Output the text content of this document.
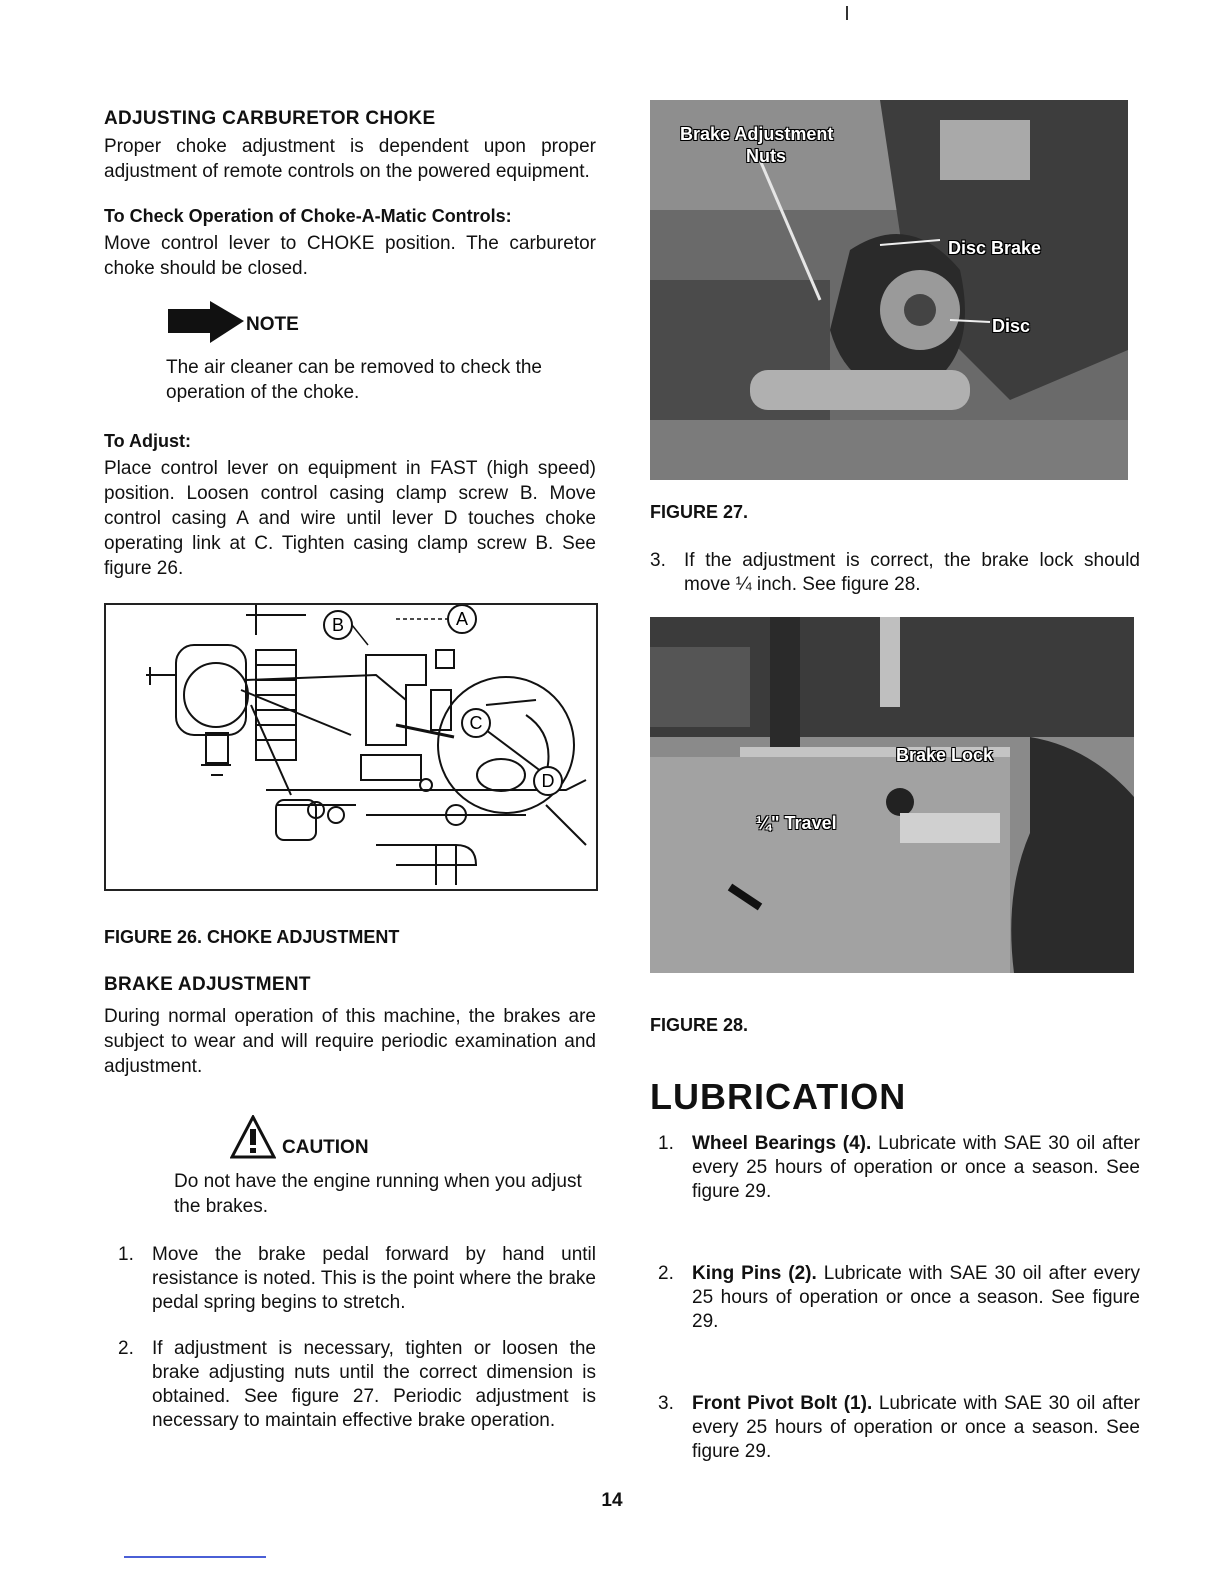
ADJUSTING CARBURETOR CHOKE

Proper choke adjustment is dependent upon proper adjustment of remote controls on the powered equipment.

To Check Operation of Choke-A-Matic Controls:

Move control lever to CHOKE position. The carburetor choke should be closed.

NOTE
The air cleaner can be removed to check the operation of the choke.

To Adjust:

Place control lever on equipment in FAST (high speed) position. Loosen control casing clamp screw B. Move control casing A and wire until lever D touches choke operating link at C. Tighten casing clamp screw B. See figure 26.

B	A
C
D

FIGURE 26. CHOKE ADJUSTMENT

BRAKE ADJUSTMENT

During normal operation of this machine, the brakes are subject to wear and will require periodic examination and adjustment.

CAUTION
Do not have the engine running when you adjust the brakes.
1. Move the brake pedal forward by hand until resistance is noted. This is the point where the brake pedal spring begins to stretch.
2. If adjustment is necessary, tighten or loosen the brake adjusting nuts until the correct dimension is obtained. See figure 27. Periodic adjustment is necessary to maintain effective brake operation.
Brake Adjustment
Nuts
Disc Brake
Disc

FIGURE 27.

3. If the adjustment is correct, the brake lock should move ¼ inch. See figure 28.
Brake Lock
¼" Travel

FIGURE 28.

LUBRICATION
1. Wheel Bearings (4). Lubricate with SAE 30 oil after every 25 hours of operation or once a season. See figure 29.
2. King Pins (2). Lubricate with SAE 30 oil after every 25 hours of operation or once a season. See figure 29.
3. Front Pivot Bolt (1). Lubricate with SAE 30 oil after every 25 hours of operation or once a season. See figure 29.
14
